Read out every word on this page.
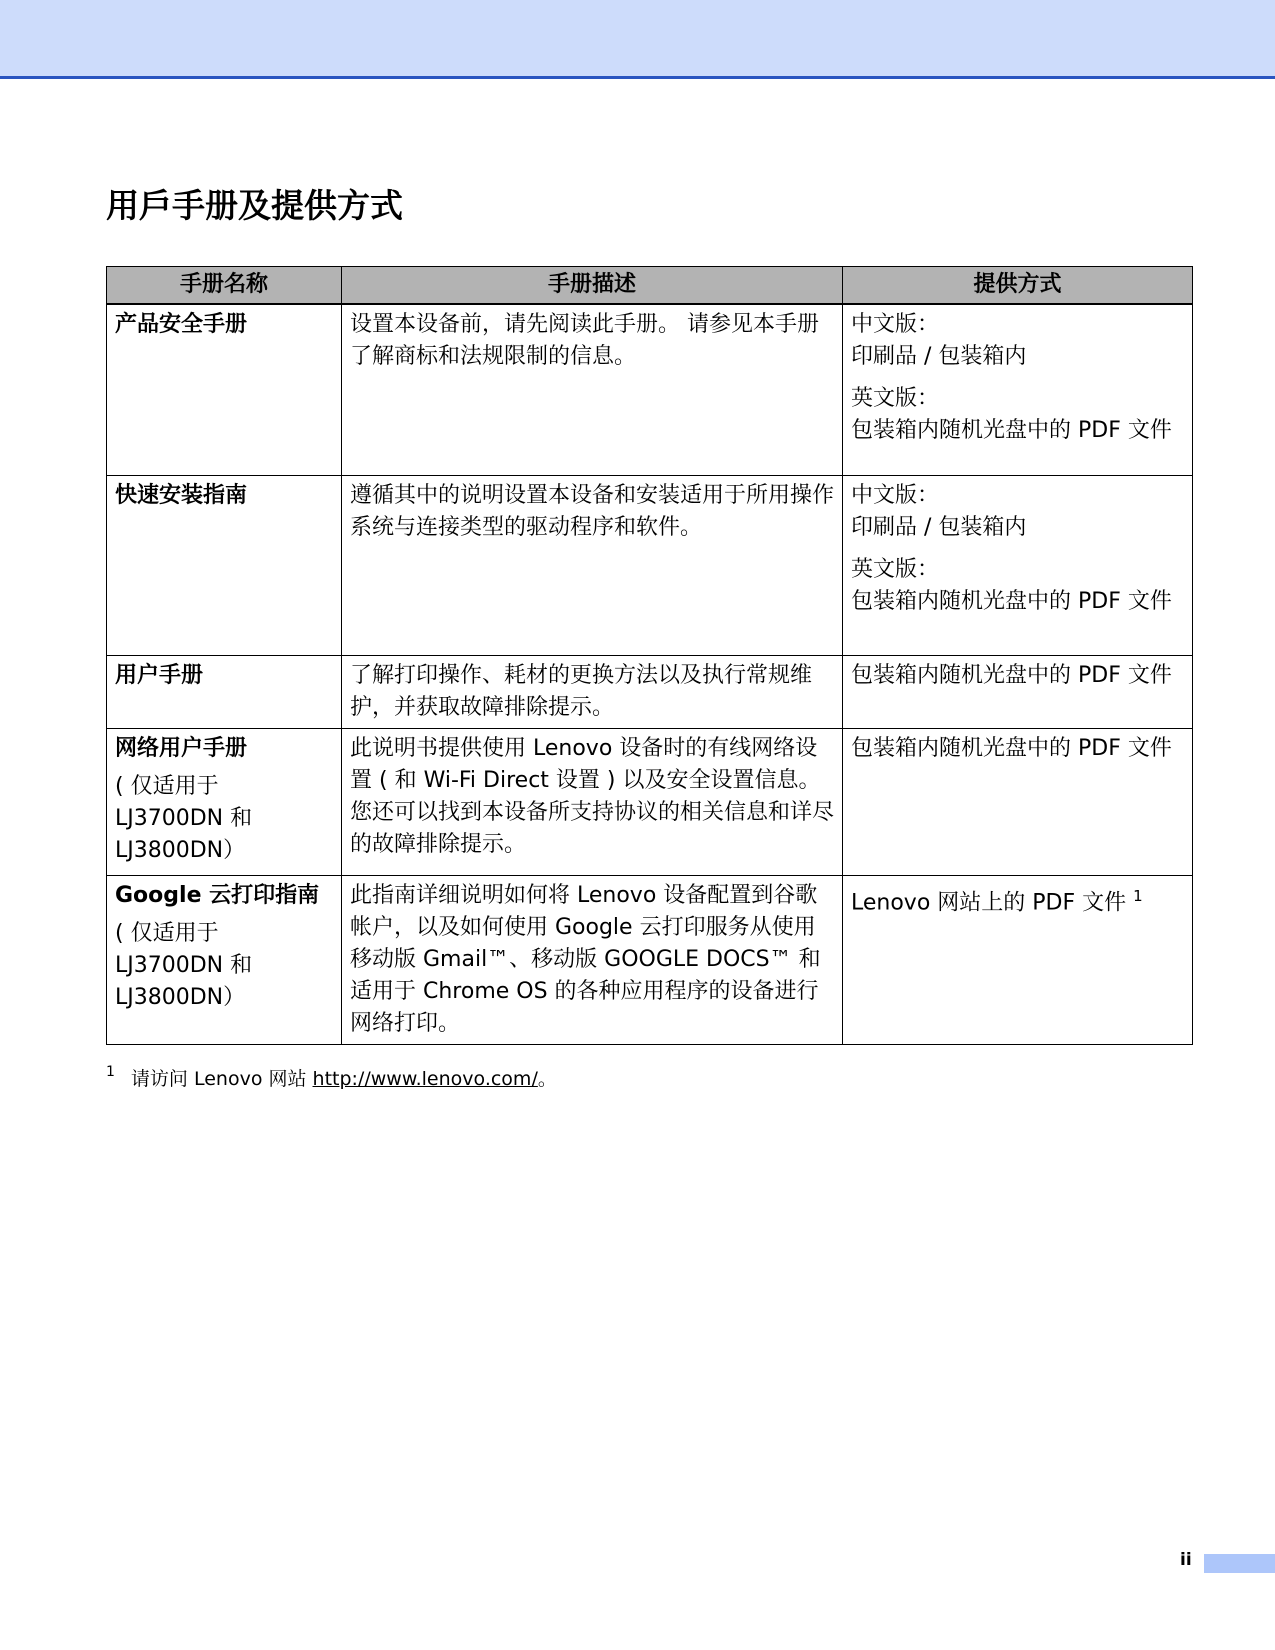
用戶手册及提供方式
手册名称	手册描述	提供方式
产品安全手册	设置本设备前，请先阅读此手册。 请参见本手册了解商标和法规限制的信息。	中文版：
印刷品 / 包装箱内
英文版：
包装箱内随机光盘中的 PDF 文件

快速安装指南	遵循其中的说明设置本设备和安装适用于所用操作系统与连接类型的驱动程序和软件。	中文版：
印刷品 / 包装箱内
英文版：
包装箱内随机光盘中的 PDF 文件

用户手册	了解打印操作、耗材的更换方法以及执行常规维护，并获取故障排除提示。	包装箱内随机光盘中的 PDF 文件

网络用户手册
( 仅适用于 LJ3700DN 和 LJ3800DN）	此说明书提供使用 Lenovo 设备时的有线网络设置 ( 和 Wi-Fi Direct 设置 ) 以及安全设置信息。 您还可以找到本设备所支持协议的相关信息和详尽的故障排除提示。	包装箱内随机光盘中的 PDF 文件

Google 云打印指南
( 仅适用于 LJ3700DN 和 LJ3800DN）	此指南详细说明如何将 Lenovo 设备配置到谷歌帐户，以及如何使用 Google 云打印服务从使用移动版 Gmail™、移动版 GOOGLE DOCS™ 和适用于 Chrome OS 的各种应用程序的设备进行网络打印。	Lenovo 网站上的 PDF 文件 $^1$
$^1$ 请访问 Lenovo 网站 http://www.lenovo.com/。
ii
